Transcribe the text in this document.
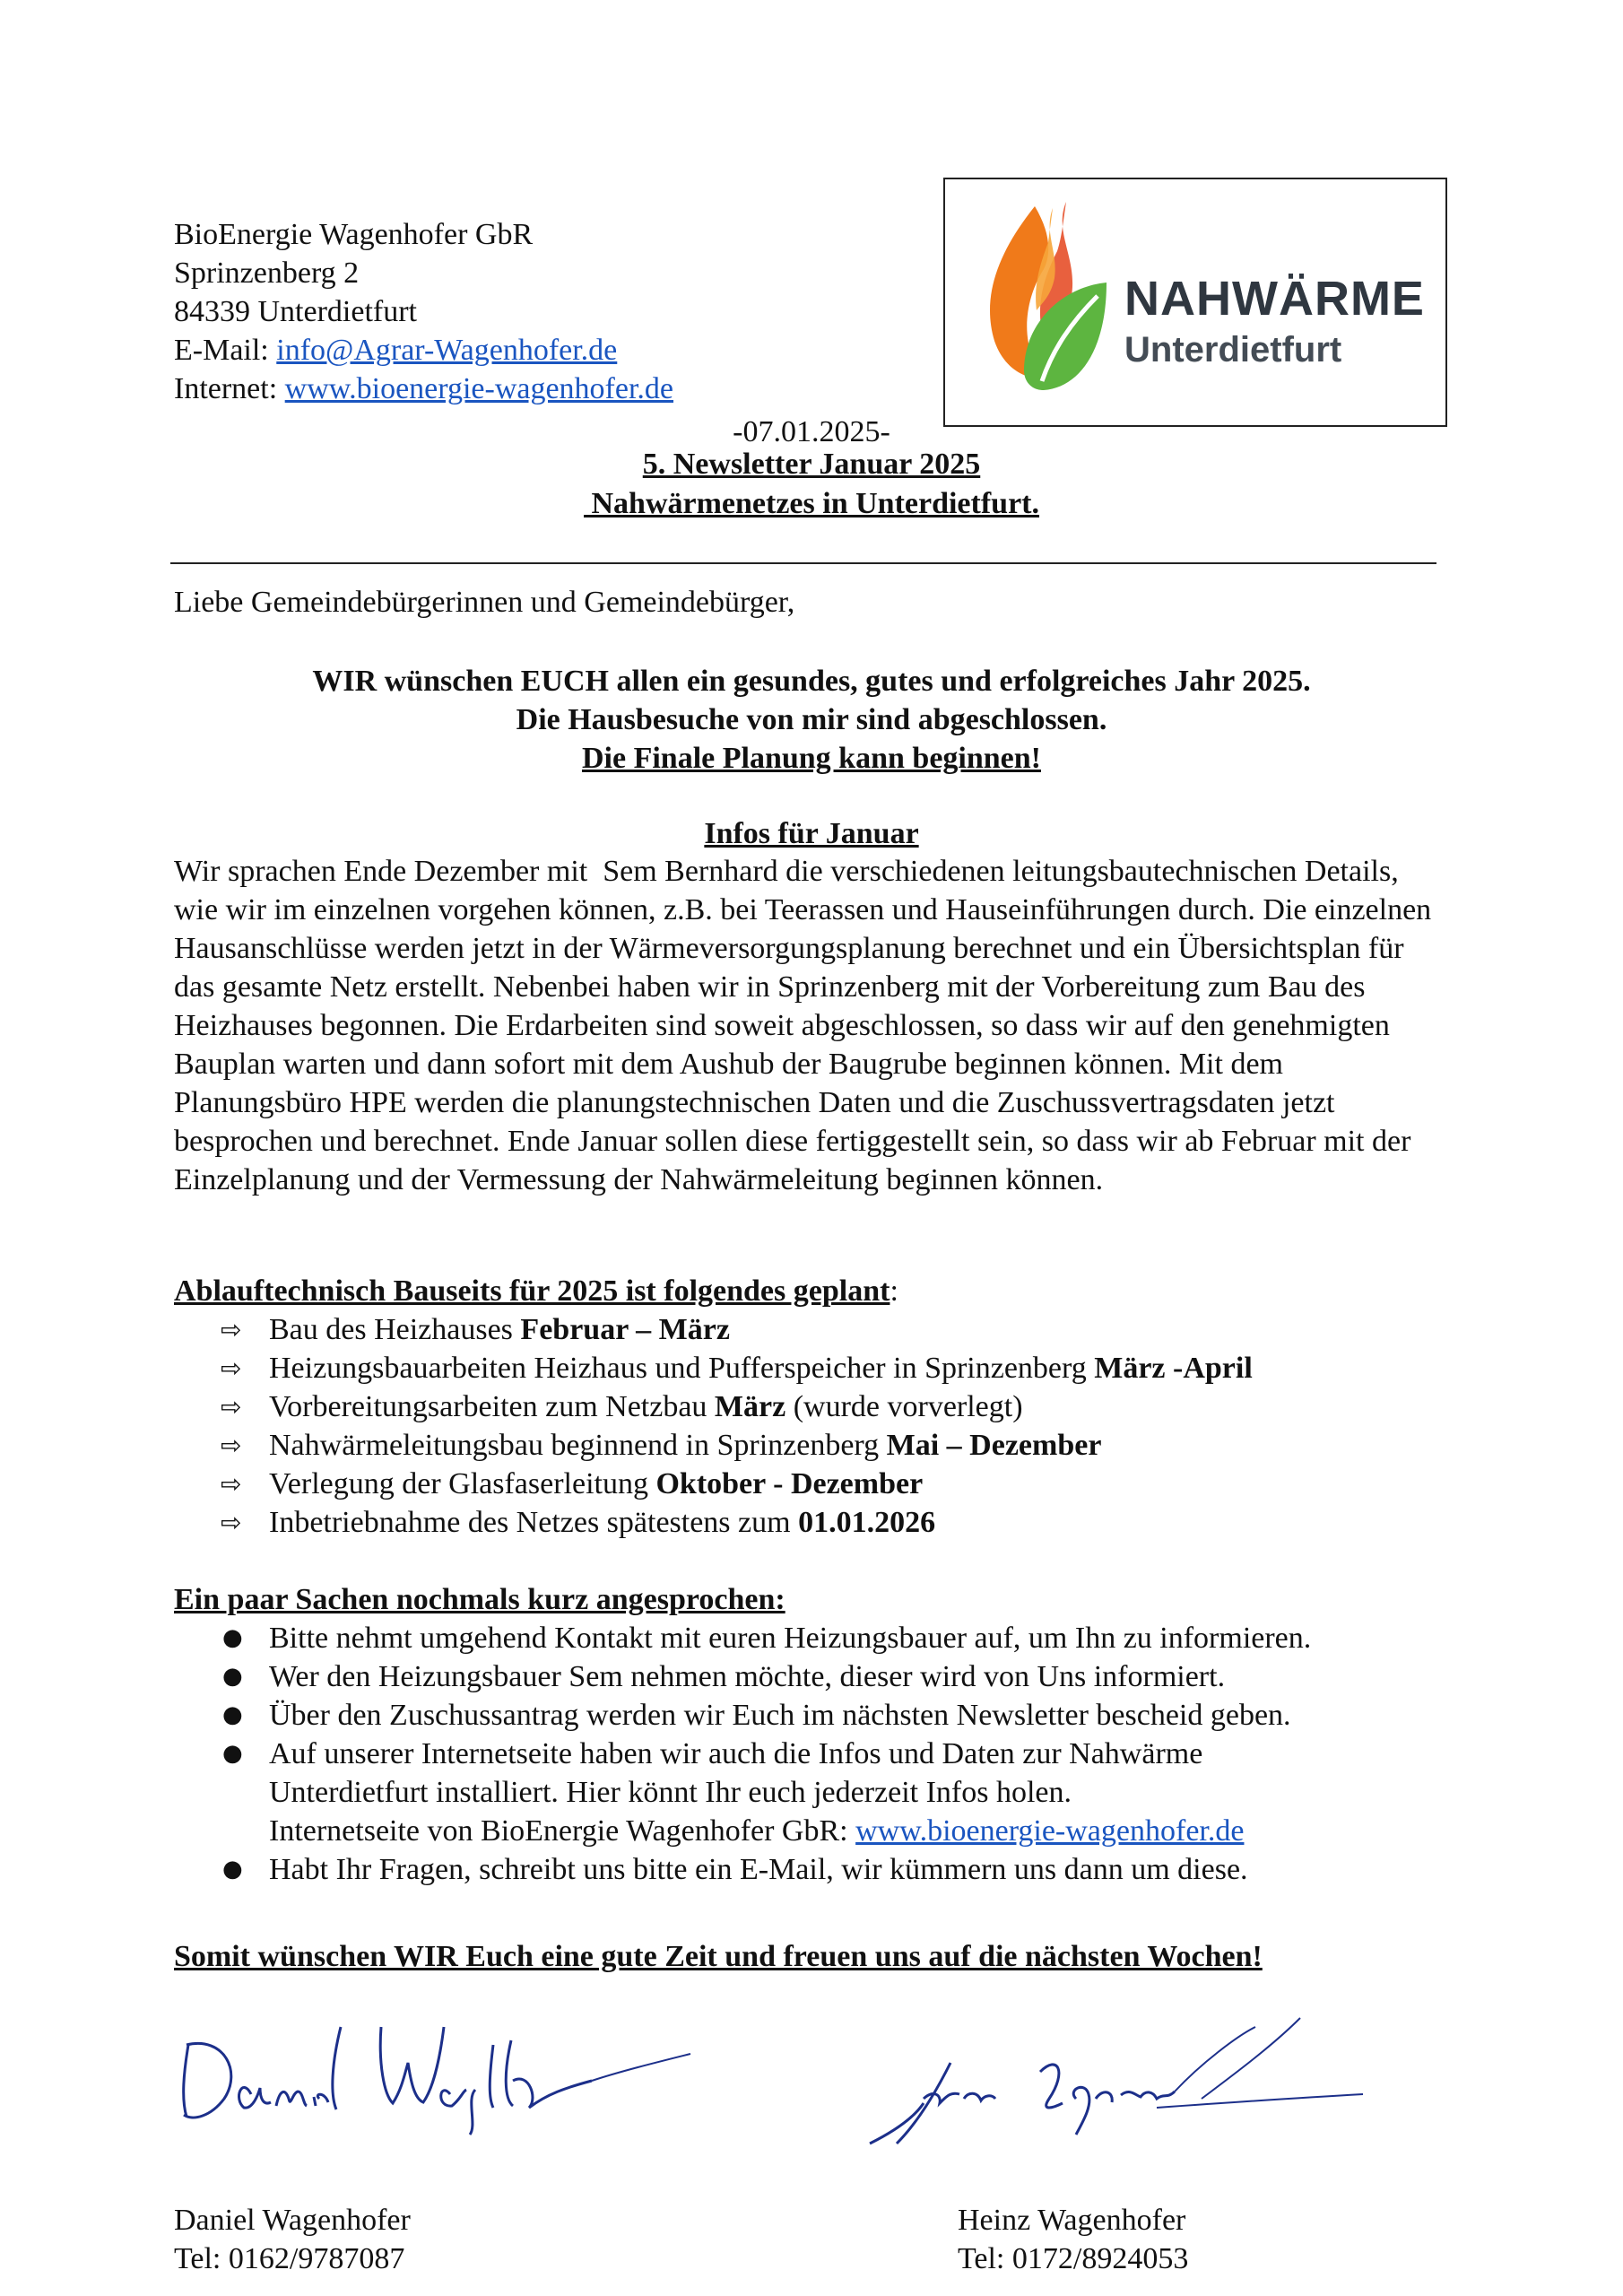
BioEnergie Wagenhofer GbR
Sprinzenberg 2
84339 Unterdietfurt
E-Mail: info@Agrar-Wagenhofer.de
Internet: www.bioenergie-wagenhofer.de
NAHWÄRME
Unterdietfurt
-07.01.2025-
5. Newsletter Januar 2025
Nahwärmenetzes in Unterdietfurt.
Liebe Gemeindebürgerinnen und Gemeindebürger,
WIR wünschen EUCH allen ein gesundes, gutes und erfolgreiches Jahr 2025.
Die Hausbesuche von mir sind abgeschlossen.
Die Finale Planung kann beginnen!
Infos für Januar
Wir sprachen Ende Dezember mit  Sem Bernhard die verschiedenen leitungsbautechnischen Details, wie wir im einzelnen vorgehen können, z.B. bei Teerassen und Hauseinführungen durch. Die einzelnen Hausanschlüsse werden jetzt in der Wärmeversorgungsplanung berechnet und ein Übersichtsplan für das gesamte Netz erstellt. Nebenbei haben wir in Sprinzenberg mit der Vorbereitung zum Bau des Heizhauses begonnen. Die Erdarbeiten sind soweit abgeschlossen, so dass wir auf den genehmigten Bauplan warten und dann sofort mit dem Aushub der Baugrube beginnen können. Mit dem Planungsbüro HPE werden die planungstechnischen Daten und die Zuschussvertragsdaten jetzt besprochen und berechnet. Ende Januar sollen diese fertiggestellt sein, so dass wir ab Februar mit der Einzelplanung und der Vermessung der Nahwärmeleitung beginnen können.
Ablauftechnisch Bauseits für 2025 ist folgendes geplant:
⇨ Bau des Heizhauses Februar – März
⇨ Heizungsbauarbeiten Heizhaus und Pufferspeicher in Sprinzenberg März -April
⇨ Vorbereitungsarbeiten zum Netzbau März (wurde vorverlegt)
⇨ Nahwärmeleitungsbau beginnend in Sprinzenberg Mai – Dezember
⇨ Verlegung der Glasfaserleitung Oktober - Dezember
⇨ Inbetriebnahme des Netzes spätestens zum 01.01.2026
Ein paar Sachen nochmals kurz angesprochen:
● Bitte nehmt umgehend Kontakt mit euren Heizungsbauer auf, um Ihn zu informieren.
● Wer den Heizungsbauer Sem nehmen möchte, dieser wird von Uns informiert.
● Über den Zuschussantrag werden wir Euch im nächsten Newsletter bescheid geben.
● Auf unserer Internetseite haben wir auch die Infos und Daten zur Nahwärme
Unterdietfurt installiert. Hier könnt Ihr euch jederzeit Infos holen.
Internetseite von BioEnergie Wagenhofer GbR: www.bioenergie-wagenhofer.de
● Habt Ihr Fragen, schreibt uns bitte ein E-Mail, wir kümmern uns dann um diese.
Somit wünschen WIR Euch eine gute Zeit und freuen uns auf die nächsten Wochen!
Daniel Wagenhofer
Tel: 0162/9787087
Heinz Wagenhofer
Tel: 0172/8924053
